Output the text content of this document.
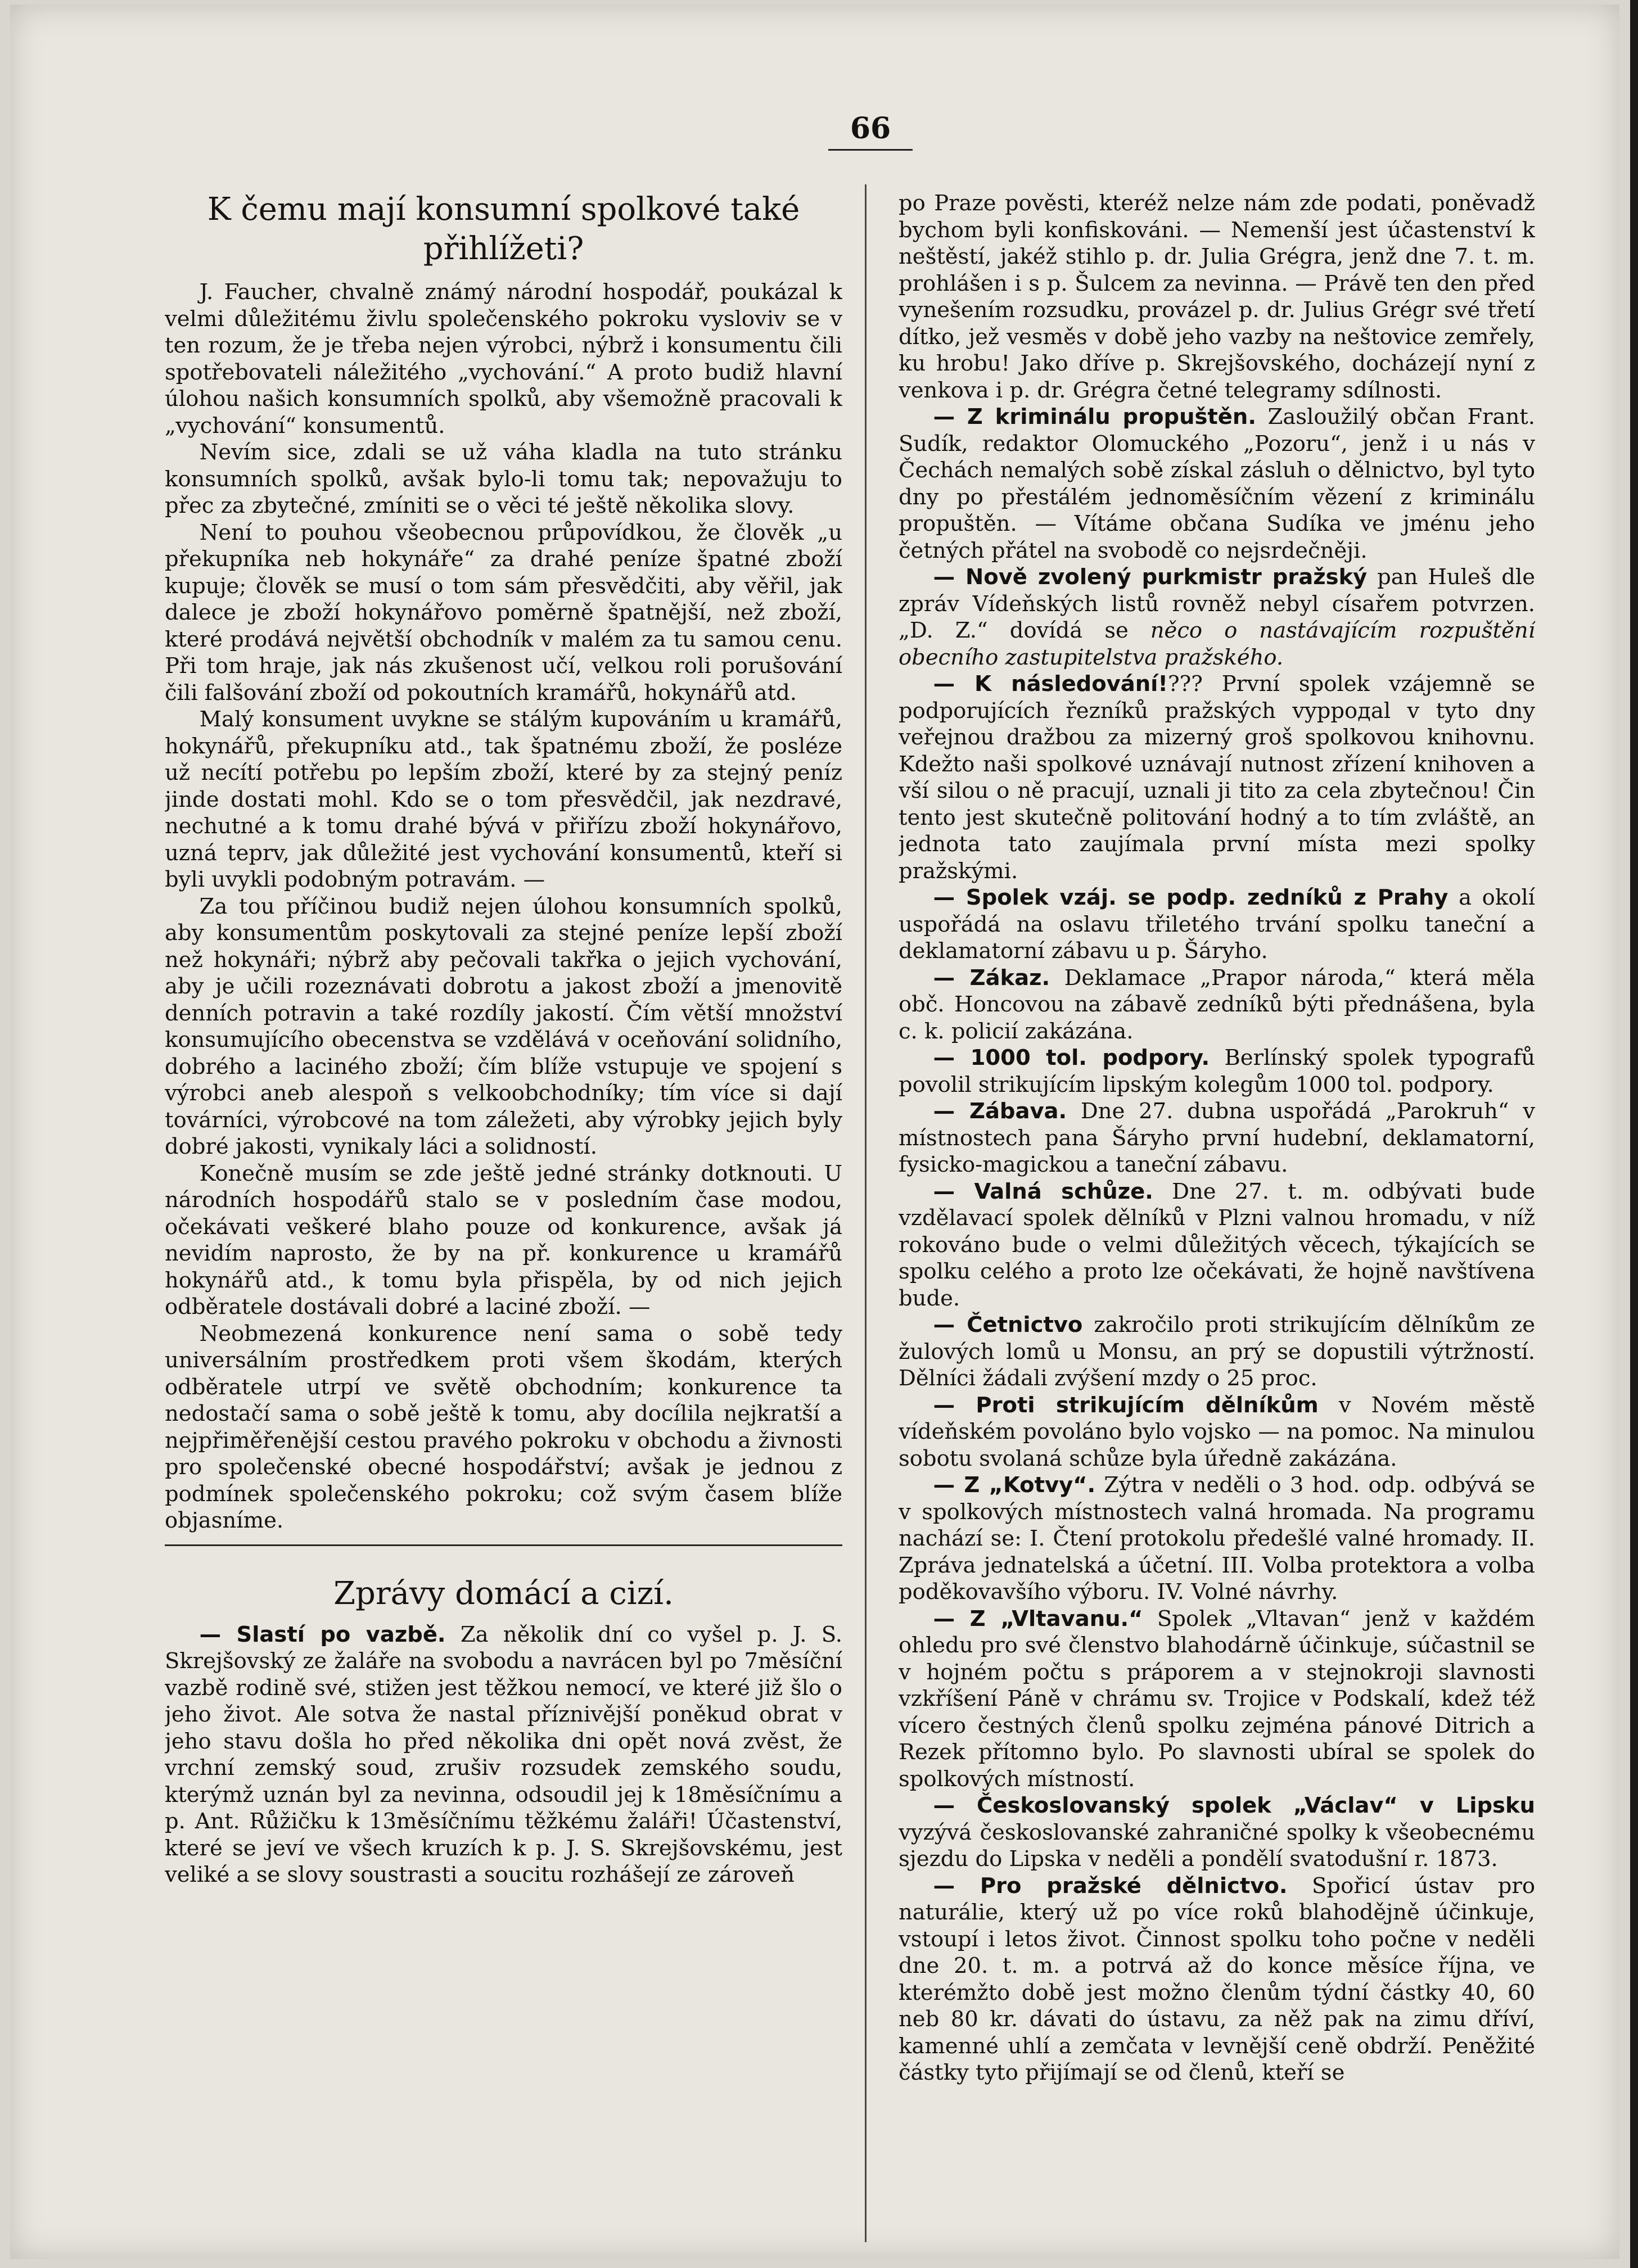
66
K čemu mají konsumní spolkové také přihlížeti?

J. Faucher, chvalně známý národní hospodář, poukázal k velmi důležitému živlu společenského pokroku vysloviv se v ten rozum, že je třeba nejen výrobci, nýbrž i konsumentu čili spotřebovateli náležitého „vychování.“ A proto budiž hlavní úlohou našich konsumních spolků, aby všemožně pracovali k „vychování“ konsumentů.

Nevím sice, zdali se už váha kladla na tuto stránku konsumních spolků, avšak bylo-li tomu tak; nepovažuju to přec za zbytečné, zmíniti se o věci té ještě několika slovy.

Není to pouhou všeobecnou průpovídkou, že člověk „u překupníka neb hokynáře“ za drahé peníze špatné zboží kupuje; člověk se musí o tom sám přesvědčiti, aby věřil, jak dalece je zboží hokynářovo poměrně špatnější, než zboží, které prodává největší obchodník v malém za tu samou cenu. Při tom hraje, jak nás zkušenost učí, velkou roli porušování čili falšování zboží od pokoutních kramářů, hokynářů atd.

Malý konsument uvykne se stálým kupováním u kramářů, hokynářů, překupníku atd., tak špatnému zboží, že posléze už necítí potřebu po lepším zboží, které by za stejný peníz jinde dostati mohl. Kdo se o tom přesvědčil, jak nezdravé, nechutné a k tomu drahé bývá v přiřízu zboží hokynářovo, uzná teprv, jak důležité jest vychování konsumentů, kteří si byli uvykli podobným potravám. —

Za tou příčinou budiž nejen úlohou konsumních spolků, aby konsumentům poskytovali za stejné peníze lepší zboží než hokynáři; nýbrž aby pečovali takřka o jejich vychování, aby je učili rozeznávati dobrotu a jakost zboží a jmenovitě denních potravin a také rozdíly jakostí. Čím větší množství konsumujícího obecenstva se vzdělává v oceňování solidního, dobrého a laciného zboží; čím blíže vstupuje ve spojení s výrobci aneb alespoň s velkoobchodníky; tím více si dají továrníci, výrobcové na tom záležeti, aby výrobky jejich byly dobré jakosti, vynikaly láci a solidností.

Konečně musím se zde ještě jedné stránky dotknouti. U národních hospodářů stalo se v posledním čase modou, očekávati veškeré blaho pouze od konkurence, avšak já nevidím naprosto, že by na př. konkurence u kramářů hokynářů atd., k tomu byla přispěla, by od nich jejich odběratele dostávali dobré a laciné zboží. —

Neobmezená konkurence není sama o sobě tedy universálním prostředkem proti všem škodám, kterých odběratele utrpí ve světě obchodním; konkurence ta nedostačí sama o sobě ještě k tomu, aby docílila nejkratší a nejpřiměřenější cestou pravého pokroku v obchodu a živnosti pro společenské obecné hospodářství; avšak je jednou z podmínek společenského pokroku; což svým časem blíže objasníme.

Zprávy domácí a cizí.

— Slastí po vazbě. Za několik dní co vyšel p. J. S. Skrejšovský ze žaláře na svobodu a navrácen byl po 7měsíční vazbě rodině své, stižen jest těžkou nemocí, ve které již šlo o jeho život. Ale sotva že nastal příznivější poněkud obrat v jeho stavu došla ho před několika dni opět nová zvěst, že vrchní zemský soud, zrušiv rozsudek zemského soudu, kterýmž uznán byl za nevinna, odsoudil jej k 18měsíčnímu a p. Ant. Růžičku k 13měsíčnímu těžkému žaláři! Účastenství, které se jeví ve všech kruzích k p. J. S. Skrejšovskému, jest veliké a se slovy soustrasti a soucitu rozhášejí ze zároveň

po Praze pověsti, kteréž nelze nám zde podati, poněvadž bychom byli konfiskováni. — Nemenší jest účastenství k neštěstí, jakéž stihlo p. dr. Julia Grégra, jenž dne 7. t. m. prohlášen i s p. Šulcem za nevinna. — Právě ten den před vynešením rozsudku, provázel p. dr. Julius Grégr své třetí dítko, jež vesměs v době jeho vazby na neštovice zemřely, ku hrobu! Jako dříve p. Skrejšovského, docházejí nyní z venkova i p. dr. Grégra četné telegramy sdílnosti.

— Z kriminálu propuštěn. Zasloužilý občan Frant. Sudík, redaktor Olomuckého „Pozoru“, jenž i u nás v Čechách nemalých sobě získal zásluh o dělnictvo, byl tyto dny po přestálém jednoměsíčním vězení z kriminálu propuštěn. — Vítáme občana Sudíka ve jménu jeho četných přátel na svobodě co nejsrdečněji.

— Nově zvolený purkmistr pražský pan Huleš dle zpráv Vídeňských listů rovněž nebyl císařem potvrzen. „D. Z.“ dovídá se něco o nastávajícím rozpuštění obecního zastupitelstva pražského.

— K následování!??? První spolek vzájemně se podporujících řezníků pražských vypродal v tyto dny veřejnou dražbou za mizerný groš spolkovou knihovnu. Kdežto naši spolkové uznávají nutnost zřízení knihoven a vší silou o ně pracují, uznali ji tito za cela zbytečnou! Čin tento jest skutečně politování hodný a to tím zvláště, an jednota tato zaujímala první místa mezi spolky pražskými.

— Spolek vzáj. se podp. zedníků z Prahy a okolí uspořádá na oslavu třiletého trvání spolku taneční a deklamatorní zábavu u p. Šáryho.

— Zákaz. Deklamace „Prapor národa,“ která měla obč. Honcovou na zábavě zedníků býti přednášena, byla c. k. policií zakázána.

— 1000 tol. podpory. Berlínský spolek typografů povolil strikujícím lipským kolegům 1000 tol. podpory.

— Zábava. Dne 27. dubna uspořádá „Parokruh“ v místnostech pana Šáryho první hudební, deklamatorní, fysicko-magickou a taneční zábavu.

— Valná schůze. Dne 27. t. m. odbývati bude vzdělavací spolek dělníků v Plzni valnou hromadu, v níž rokováno bude o velmi důležitých věcech, týkajících se spolku celého a proto lze očekávati, že hojně navštívena bude.

— Četnictvo zakročilo proti strikujícím dělníkům ze žulových lomů u Monsu, an prý se dopustili výtržností. Dělníci žádali zvýšení mzdy o 25 proc.

— Proti strikujícím dělníkům v Novém městě vídeňském povoláno bylo vojsko — na pomoc. Na minulou sobotu svolaná schůze byla úředně zakázána.

— Z „Kotvy“. Zýtra v neděli o 3 hod. odp. odbývá se v spolkových místnostech valná hromada. Na programu nachází se: I. Čtení protokolu předešlé valné hromady. II. Zpráva jednatelská a účetní. III. Volba protektora a volba poděkovavšího výboru. IV. Volné návrhy.

— Z „Vltavanu.“ Spolek „Vltavan“ jenž v každém ohledu pro své členstvo blahodárně účinkuje, súčastnil se v hojném počtu s práporem a v stejnokroji slavnosti vzkříšení Páně v chrámu sv. Trojice v Podskalí, kdež též vícero čestných členů spolku zejména pánové Ditrich a Rezek přítomno bylo. Po slavnosti ubíral se spolek do spolkových místností.

— Českoslovanský spolek „Václav“ v Lipsku vyzývá českoslovanské zahraničné spolky k všeobecnému sjezdu do Lipska v neděli a pondělí svatodušní r. 1873.

— Pro pražské dělnictvo. Spořicí ústav pro naturálie, který už po více roků blahodějně účinkuje, vstoupí i letos život. Činnost spolku toho počne v neděli dne 20. t. m. a potrvá až do konce měsíce října, ve kterémžto době jest možno členům týdní částky 40, 60 neb 80 kr. dávati do ústavu, za něž pak na zimu dříví, kamenné uhlí a zemčata v levnější ceně obdrží. Peněžité částky tyto přijímají se od členů, kteří se
